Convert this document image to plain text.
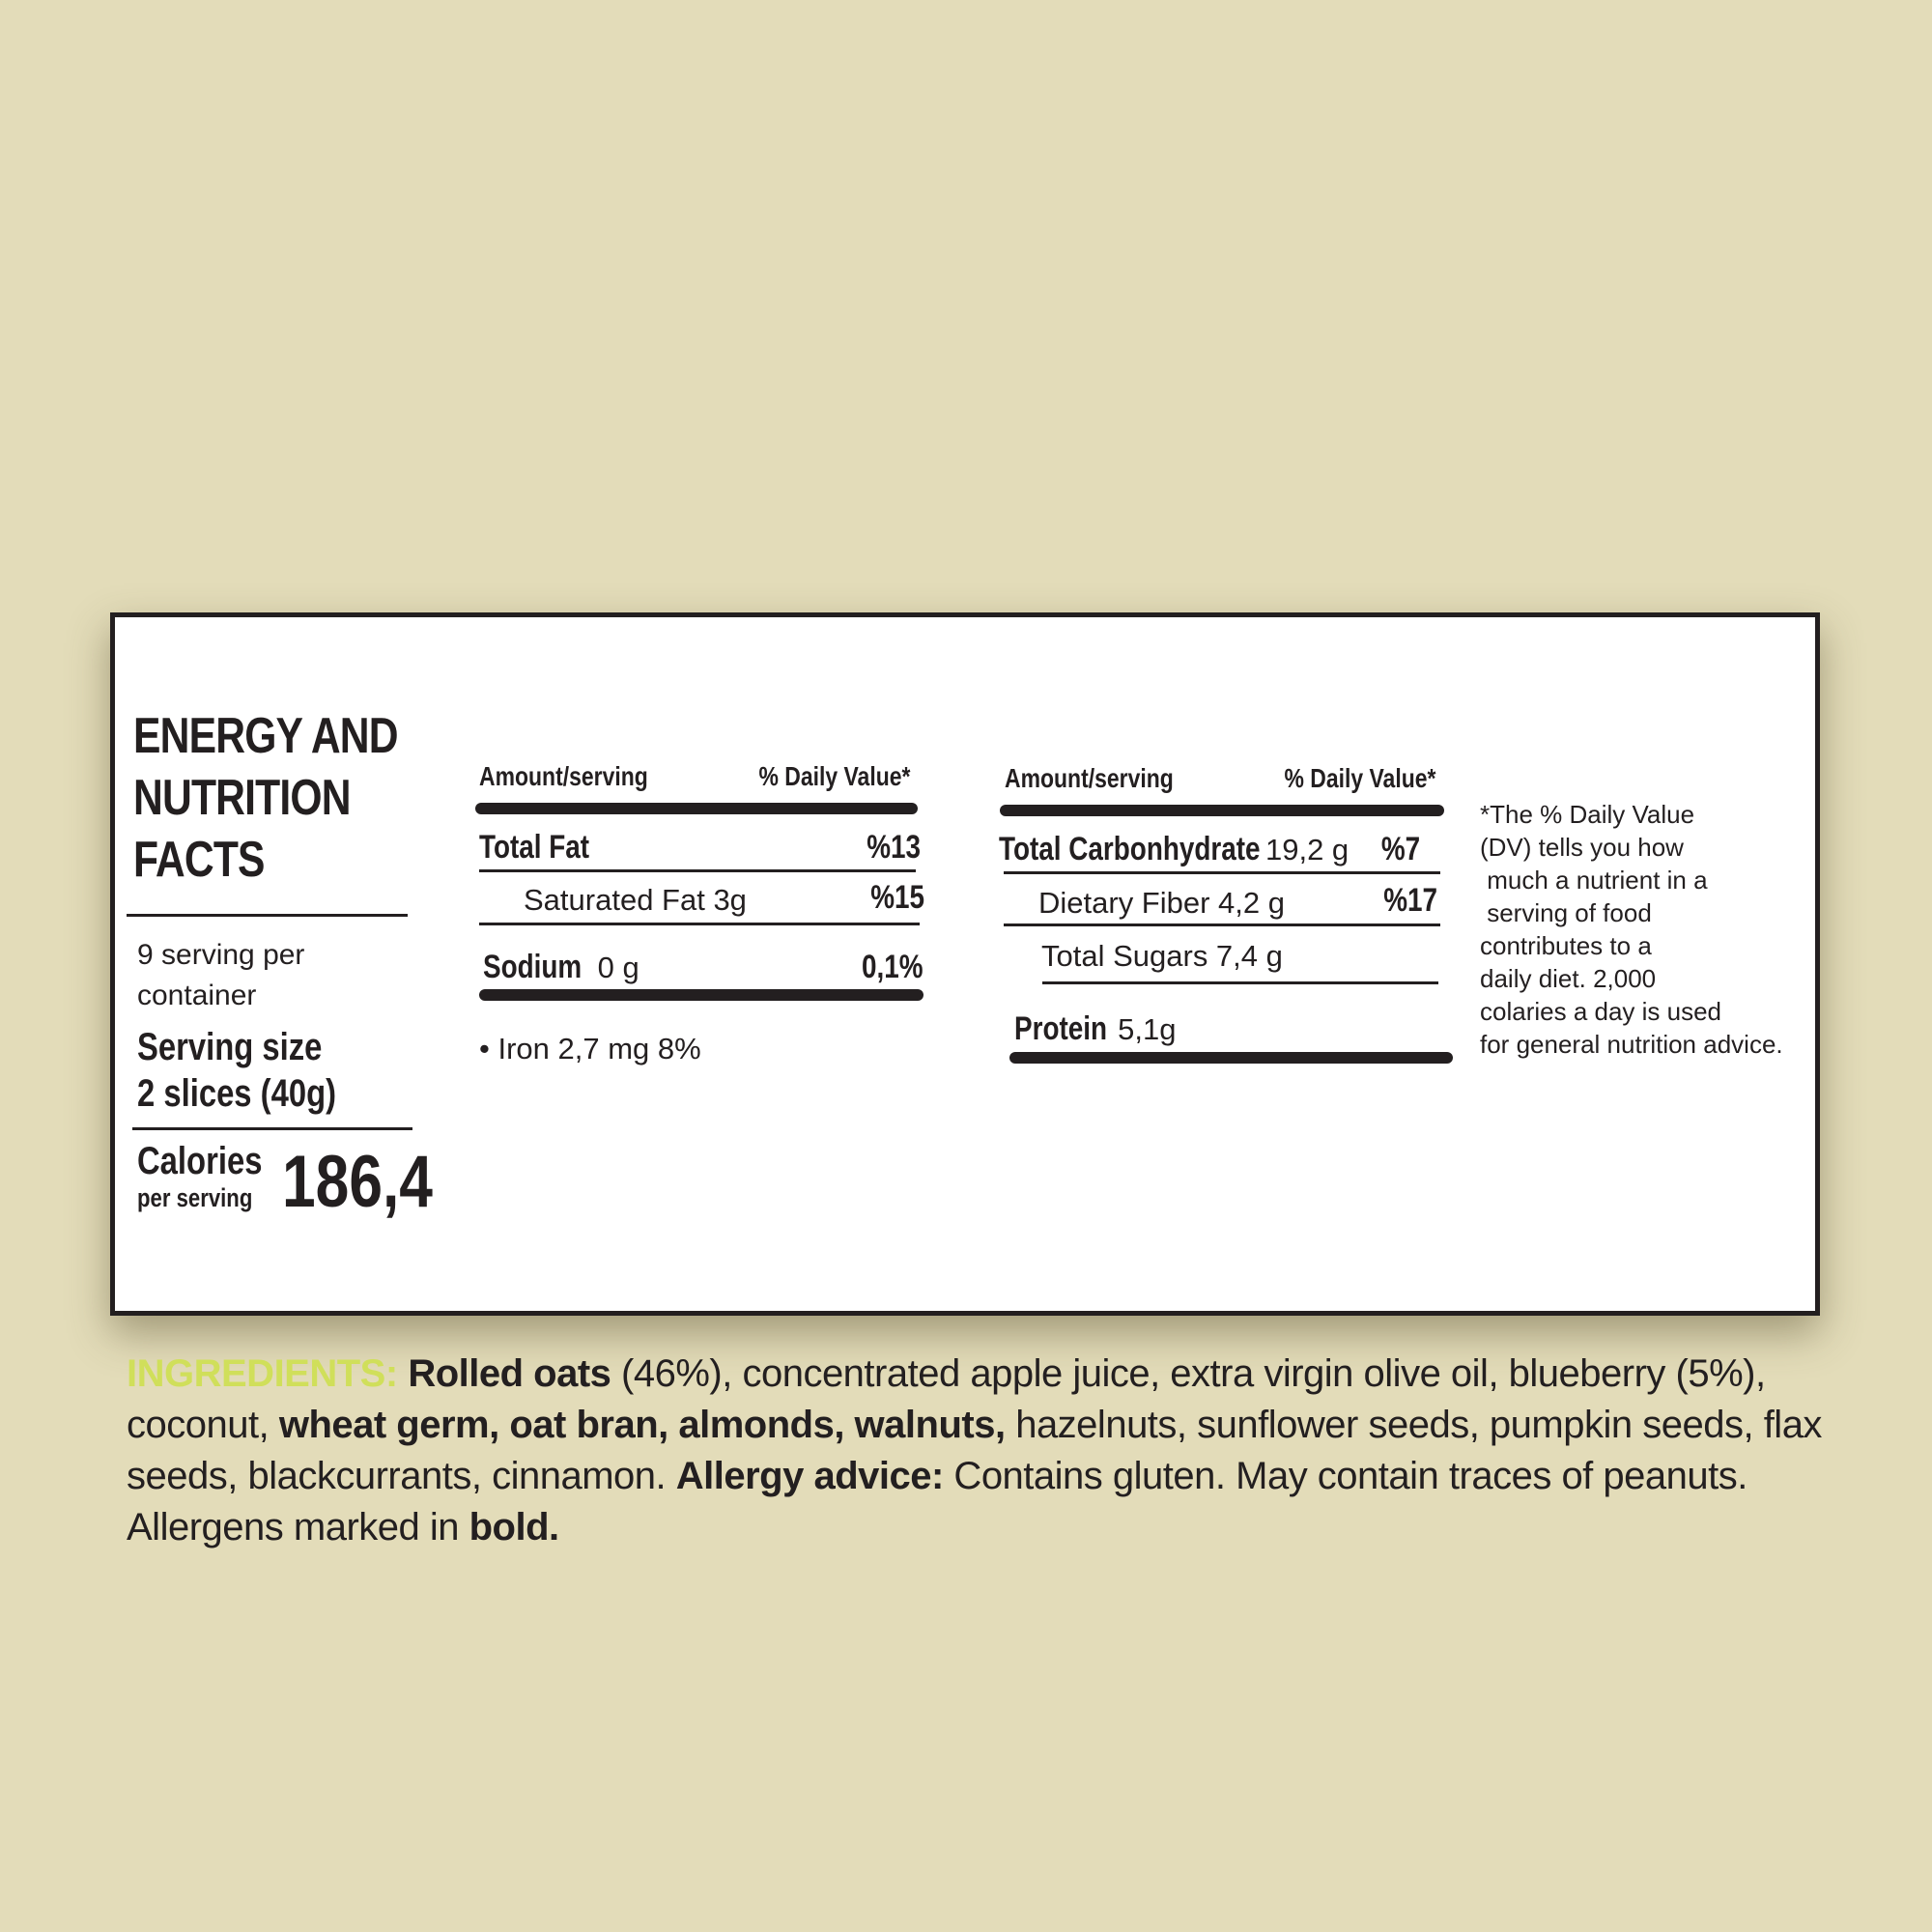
ENERGY AND
NUTRITION
FACTS
9 serving per
container
Serving size
2 slices (40g)
Calories
per serving 186,4
Amount/serving	% Daily Value*
Total Fat	%13
Saturated Fat 3g	%15
Sodium 0 g	0,1%
• Iron 2,7 mg 8%
Amount/serving	% Daily Value*
Total Carbonhydrate 19,2 g %7
Dietary Fiber 4,2 g	%17
Total Sugars 7,4 g
Protein 5,1g
*The % Daily Value
(DV) tells you how
much a nutrient in a
serving of food
contributes to a
daily diet. 2,000
colaries a day is used
for general nutrition advice.
INGREDIENTS: Rolled oats (46%), concentrated apple juice, extra virgin olive oil, blueberry (5%), coconut, wheat germ, oat bran, almonds, walnuts, hazelnuts, sunflower seeds, pumpkin seeds, flax seeds, blackcurrants, cinnamon. Allergy advice: Contains gluten. May contain traces of peanuts. Allergens marked in bold.
